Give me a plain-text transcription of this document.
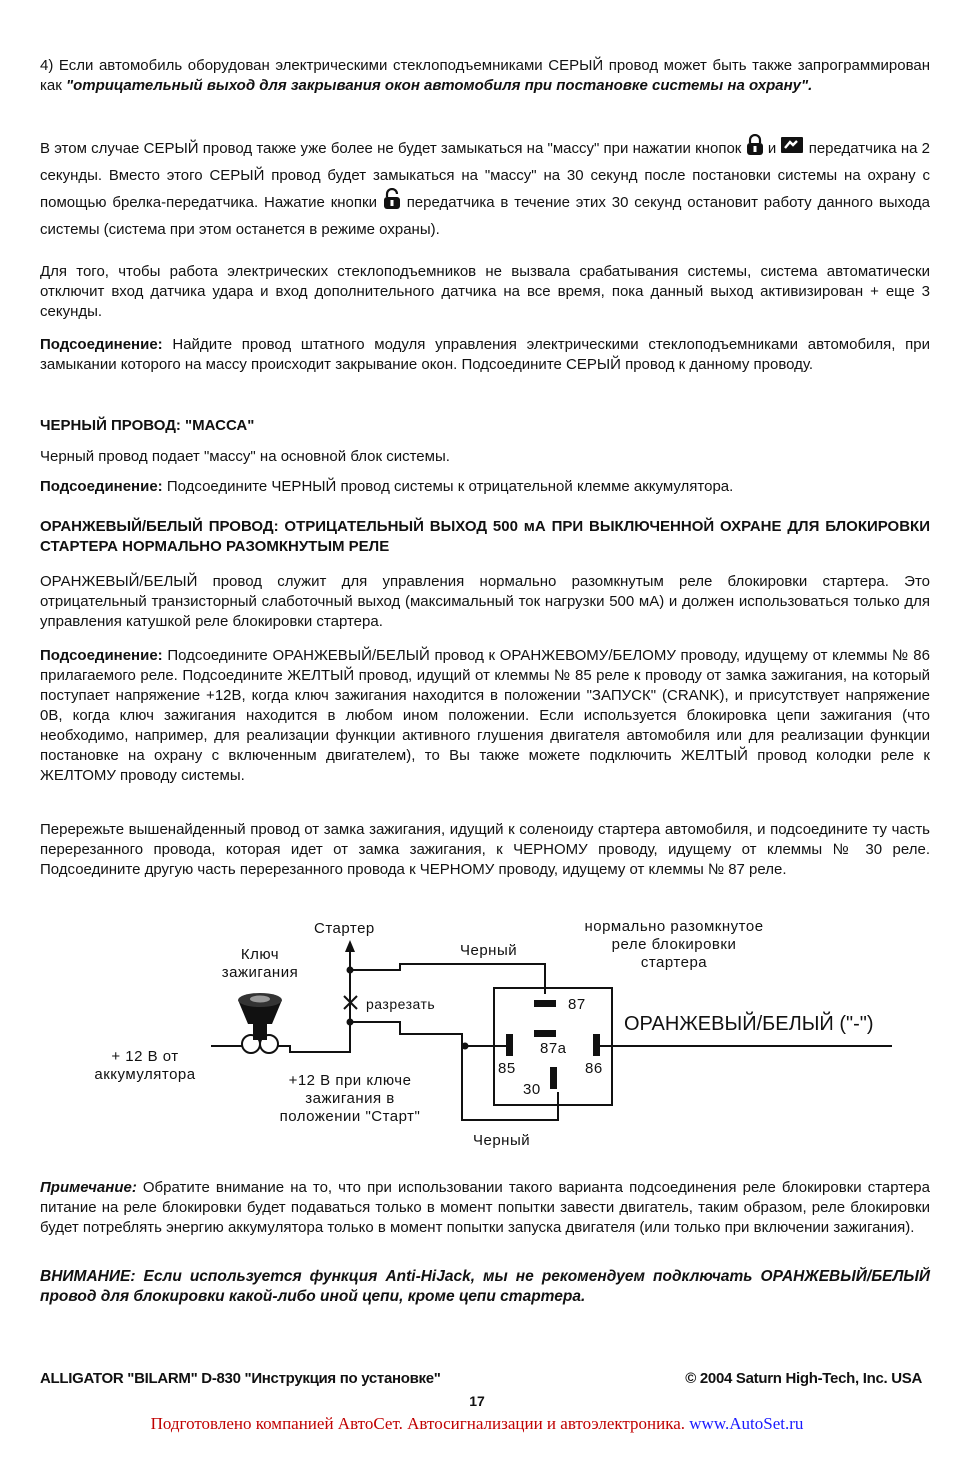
4) Если автомобиль оборудован электрическими стеклоподъемниками СЕРЫЙ провод может быть также запрограммирован как "отрицательный выход для закрывания окон автомобиля при постановке системы на охрану".

В этом случае СЕРЫЙ провод также уже более не будет замыкаться на "массу" при нажатии кнопок и передатчика на 2 секунды. Вместо этого СЕРЫЙ провод будет замыкаться на "массу" на 30 секунд после постановки системы на охрану с помощью брелка-передатчика. Нажатие кнопки передатчика в течение этих 30 секунд остановит работу данного выхода системы (система при этом останется в режиме охраны).

Для того, чтобы работа электрических стеклоподъемников не вызвала срабатывания системы, система автоматически отключит вход датчика удара и вход дополнительного датчика на все время, пока данный выход активизирован + еще 3 секунды.

Подсоединение: Найдите провод штатного модуля управления электрическими стеклоподъемниками автомобиля, при замыкании которого на массу происходит закрывание окон. Подсоедините СЕРЫЙ провод к данному проводу.

ЧЕРНЫЙ ПРОВОД: "МАССА"

Черный провод подает "массу" на основной блок системы.

Подсоединение: Подсоедините ЧЕРНЫЙ провод системы к отрицательной клемме аккумулятора.

ОРАНЖЕВЫЙ/БЕЛЫЙ ПРОВОД: ОТРИЦАТЕЛЬНЫЙ ВЫХОД 500 мА ПРИ ВЫКЛЮЧЕННОЙ ОХРАНЕ ДЛЯ БЛОКИРОВКИ СТАРТЕРА НОРМАЛЬНО РАЗОМКНУТЫМ РЕЛЕ

ОРАНЖЕВЫЙ/БЕЛЫЙ провод служит для управления нормально разомкнутым реле блокировки стартера. Это отрицательный транзисторный слаботочный выход (максимальный ток нагрузки 500 мА) и должен использоваться только для управления катушкой реле блокировки стартера.

Подсоединение: Подсоедините ОРАНЖЕВЫЙ/БЕЛЫЙ провод к ОРАНЖЕВОМУ/БЕЛОМУ проводу, идущему от клеммы № 86 прилагаемого реле. Подсоедините ЖЕЛТЫЙ провод, идущий от клеммы № 85 реле к проводу от замка зажигания, на который поступает напряжение +12В, когда ключ зажигания находится в положении "ЗАПУСК" (CRANK), и присутствует напряжение 0В, когда ключ зажигания находится в любом ином положении. Если используется блокировка цепи зажигания (что необходимо, например, для реализации функции активного глушения двигателя автомобиля или для реализации функции постановке на охрану с включенным двигателем), то Вы также можете подключить ЖЕЛТЫЙ провод колодки реле к ЖЕЛТОМУ проводу системы.

Перережьте вышенайденный провод от замка зажигания, идущий к соленоиду стартера автомобиля, и подсоедините ту часть перерезанного провода, которая идет от замка зажигания, к ЧЕРНОМУ проводу, идущему от клеммы № 30 реле. Подсоедините другую часть перерезанного провода к ЧЕРНОМУ проводу, идущему от клеммы № 87 реле.

Стартер
Ключ
зажигания
Черный
нормально разомкнутое
реле блокировки
стартера
разрезать
ОРАНЖЕВЫЙ/БЕЛЫЙ ("-")
87
87a
85	86
30
+ 12 В от
аккумулятора	+12 В при ключе
зажигания в
положении "Старт"
Черный

Примечание: Обратите внимание на то, что при использовании такого варианта подсоединения реле блокировки стартера питание на реле блокировки будет подаваться только в момент попытки завести двигатель, таким образом, реле блокировки будет потреблять энергию аккумулятора только в момент попытки запуска двигателя (или только при включении зажигания).

ВНИМАНИЕ: Если используется функция Anti-HiJack, мы не рекомендуем подключать ОРАНЖЕВЫЙ/БЕЛЫЙ провод для блокировки какой-либо иной цепи, кроме цепи стартера.

ALLIGATOR "BILARM" D-830 "Инструкция по установке"	© 2004 Saturn High-Tech, Inc. USA
17
Подготовлено компанией АвтоСет. Автосигнализации и автоэлектроника. www.AutoSet.ru
